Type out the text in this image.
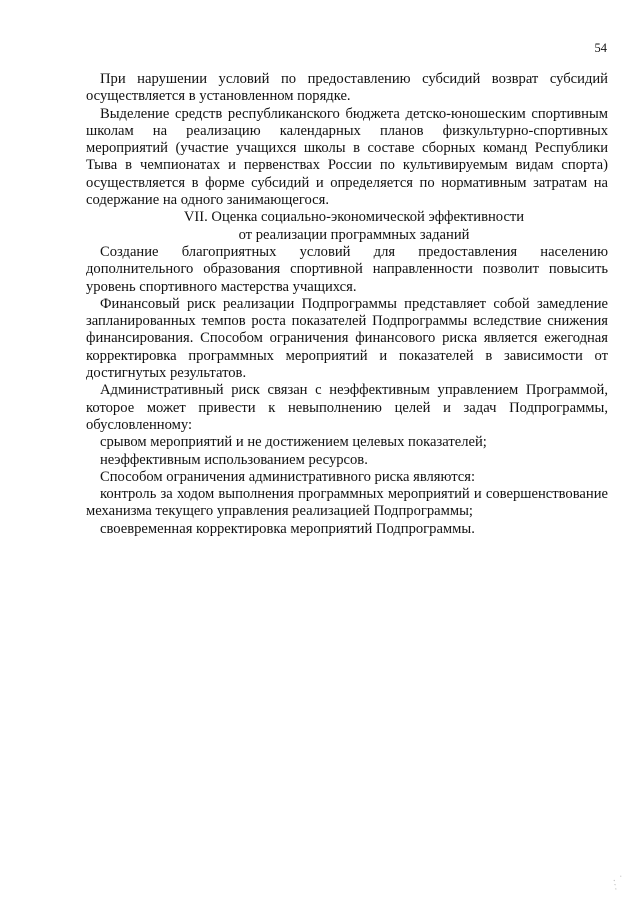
54

При нарушении условий по предоставлению субсидий возврат субсидий осуществляется в установленном порядке.

Выделение средств республиканского бюджета детско-юношеским спортивным школам на реализацию календарных планов физкультурно-спортивных мероприятий (участие учащихся школы в составе сборных команд Республики Тыва в чемпионатах и первенствах России по культивируемым видам спорта) осуществляется в форме субсидий и определяется по нормативным затратам на содержание на одного занимающегося.

VII. Оценка социально-экономической эффективности
от реализации программных заданий

Создание благоприятных условий для предоставления населению дополнительного образования спортивной направленности позволит повысить уровень спортивного мастерства учащихся.

Финансовый риск реализации Подпрограммы представляет собой замедление запланированных темпов роста показателей Подпрограммы вследствие снижения финансирования. Способом ограничения финансового риска является ежегодная корректировка программных мероприятий и показателей в зависимости от достигнутых результатов.

Административный риск связан с неэффективным управлением Программой, которое может привести к невыполнению целей и задач Подпрограммы, обусловленному:

срывом мероприятий и не достижением целевых показателей;

неэффективным использованием ресурсов.

Способом ограничения административного риска являются:

контроль за ходом выполнения программных мероприятий и совершенствование механизма текущего управления реализацией Подпрограммы;

своевременная корректировка мероприятий Подпрограммы.

⋰ ·
